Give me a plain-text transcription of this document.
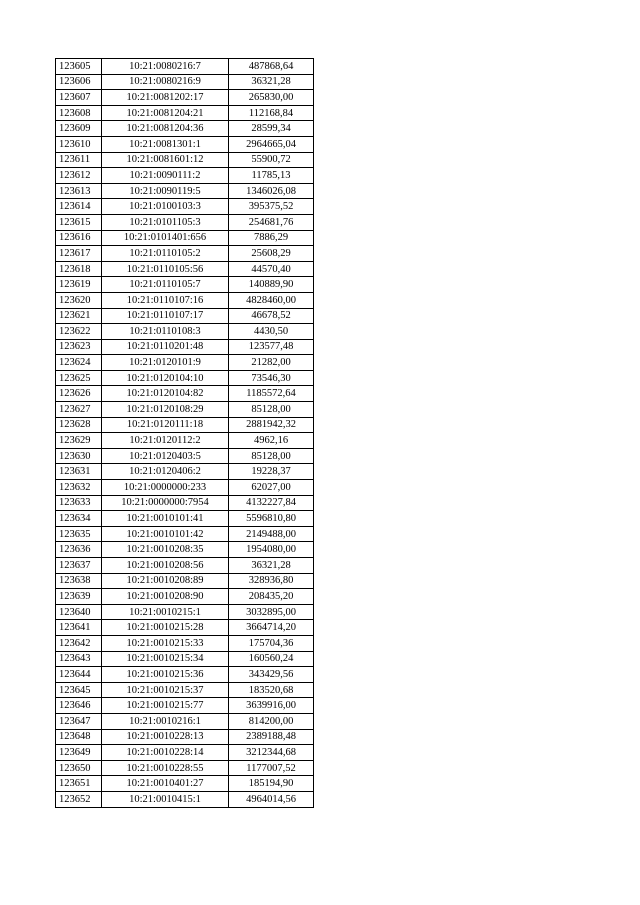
123605	10:21:0080216:7	487868,64
123606	10:21:0080216:9	36321,28
123607	10:21:0081202:17	265830,00
123608	10:21:0081204:21	112168,84
123609	10:21:0081204:36	28599,34
123610	10:21:0081301:1	2964665,04
123611	10:21:0081601:12	55900,72
123612	10:21:0090111:2	11785,13
123613	10:21:0090119:5	1346026,08
123614	10:21:0100103:3	395375,52
123615	10:21:0101105:3	254681,76
123616	10:21:0101401:656	7886,29
123617	10:21:0110105:2	25608,29
123618	10:21:0110105:56	44570,40
123619	10:21:0110105:7	140889,90
123620	10:21:0110107:16	4828460,00
123621	10:21:0110107:17	46678,52
123622	10:21:0110108:3	4430,50
123623	10:21:0110201:48	123577,48
123624	10:21:0120101:9	21282,00
123625	10:21:0120104:10	73546,30
123626	10:21:0120104:82	1185572,64
123627	10:21:0120108:29	85128,00
123628	10:21:0120111:18	2881942,32
123629	10:21:0120112:2	4962,16
123630	10:21:0120403:5	85128,00
123631	10:21:0120406:2	19228,37
123632	10:21:0000000:233	62027,00
123633	10:21:0000000:7954	4132227,84
123634	10:21:0010101:41	5596810,80
123635	10:21:0010101:42	2149488,00
123636	10:21:0010208:35	1954080,00
123637	10:21:0010208:56	36321,28
123638	10:21:0010208:89	328936,80
123639	10:21:0010208:90	208435,20
123640	10:21:0010215:1	3032895,00
123641	10:21:0010215:28	3664714,20
123642	10:21:0010215:33	175704,36
123643	10:21:0010215:34	160560,24
123644	10:21:0010215:36	343429,56
123645	10:21:0010215:37	183520,68
123646	10:21:0010215:77	3639916,00
123647	10:21:0010216:1	814200,00
123648	10:21:0010228:13	2389188,48
123649	10:21:0010228:14	3212344,68
123650	10:21:0010228:55	1177007,52
123651	10:21:0010401:27	185194,90
123652	10:21:0010415:1	4964014,56
